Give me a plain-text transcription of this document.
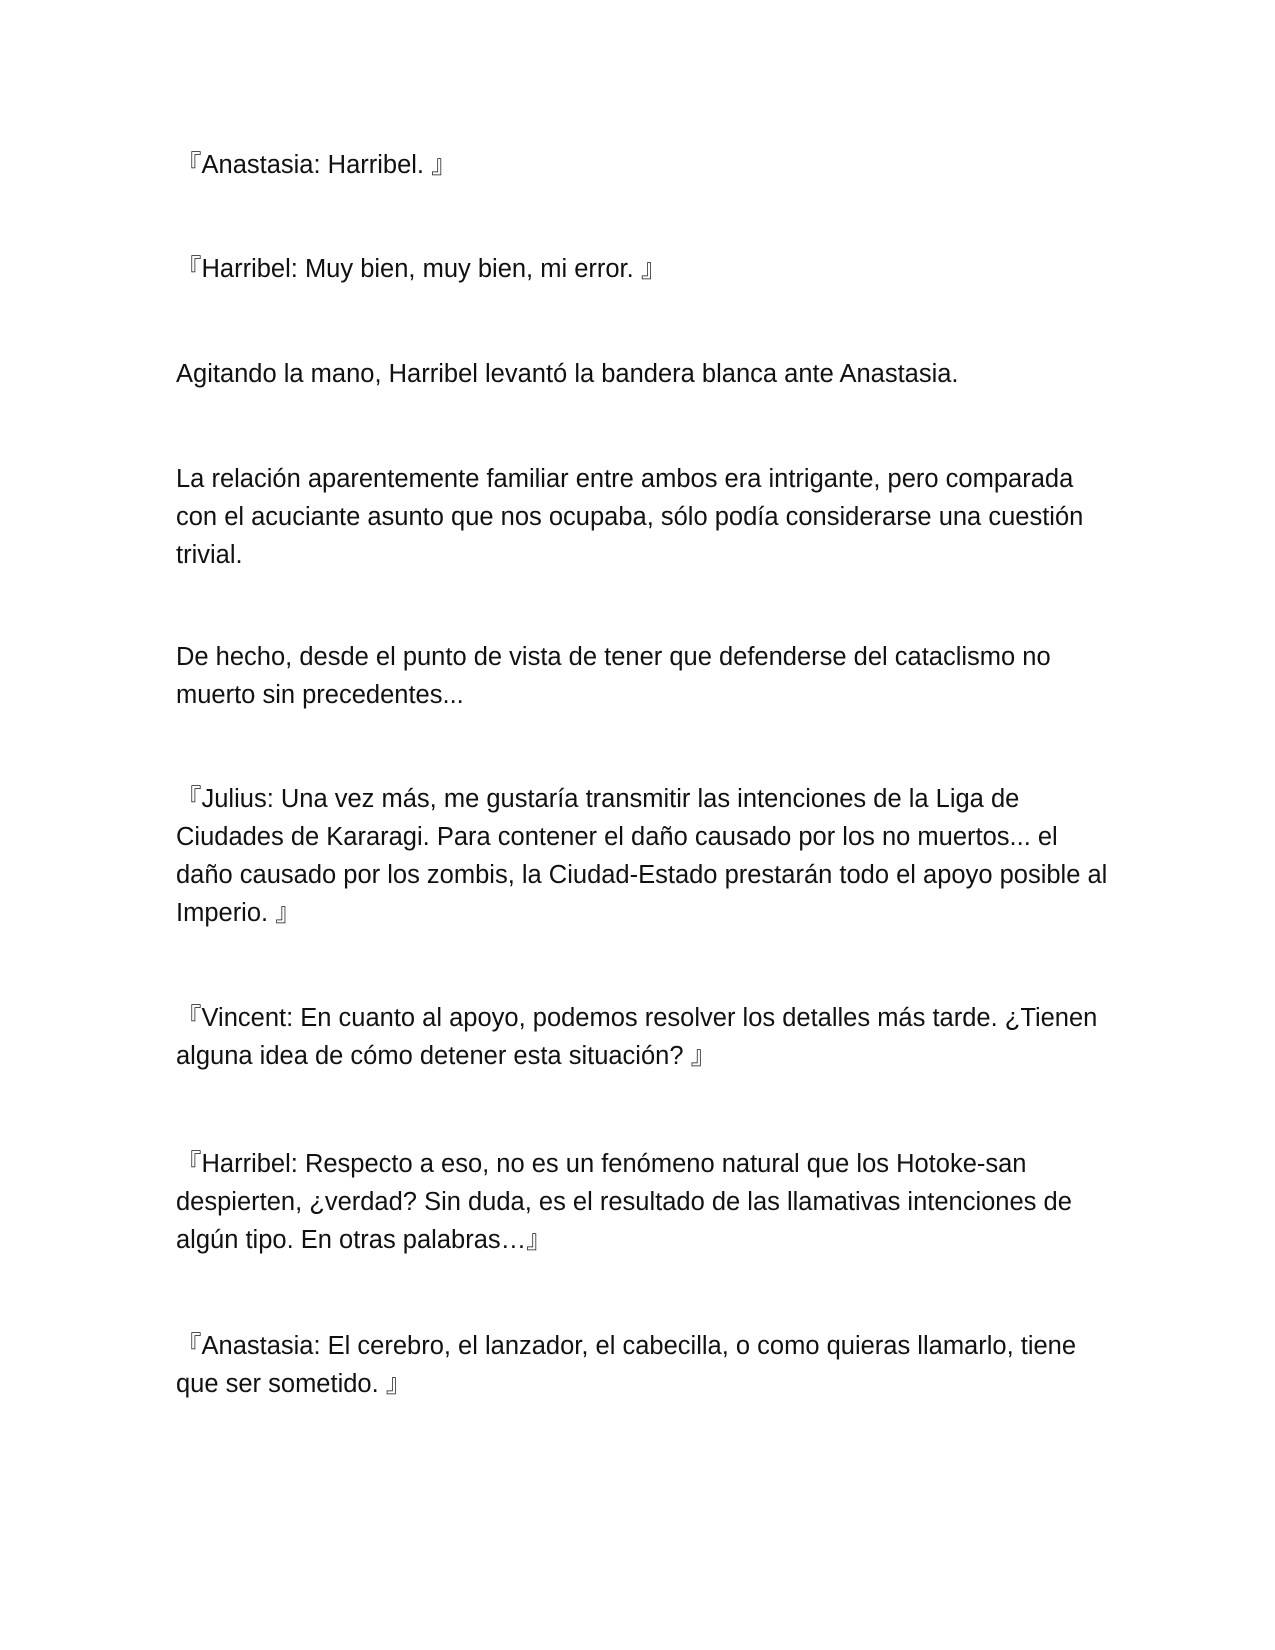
『Anastasia: Harribel. 』

『Harribel: Muy bien, muy bien, mi error. 』

Agitando la mano, Harribel levantó la bandera blanca ante Anastasia.

La relación aparentemente familiar entre ambos era intrigante, pero comparada con el acuciante asunto que nos ocupaba, sólo podía considerarse una cuestión trivial.

De hecho, desde el punto de vista de tener que defenderse del cataclismo no muerto sin precedentes...

『Julius: Una vez más, me gustaría transmitir las intenciones de la Liga de Ciudades de Kararagi. Para contener el daño causado por los no muertos... el daño causado por los zombis, la Ciudad-Estado prestarán todo el apoyo posible al Imperio. 』

『Vincent: En cuanto al apoyo, podemos resolver los detalles más tarde. ¿Tienen alguna idea de cómo detener esta situación? 』

『Harribel: Respecto a eso, no es un fenómeno natural que los Hotoke-san despierten, ¿verdad? Sin duda, es el resultado de las llamativas intenciones de algún tipo. En otras palabras…』

『Anastasia: El cerebro, el lanzador, el cabecilla, o como quieras llamarlo, tiene que ser sometido. 』
